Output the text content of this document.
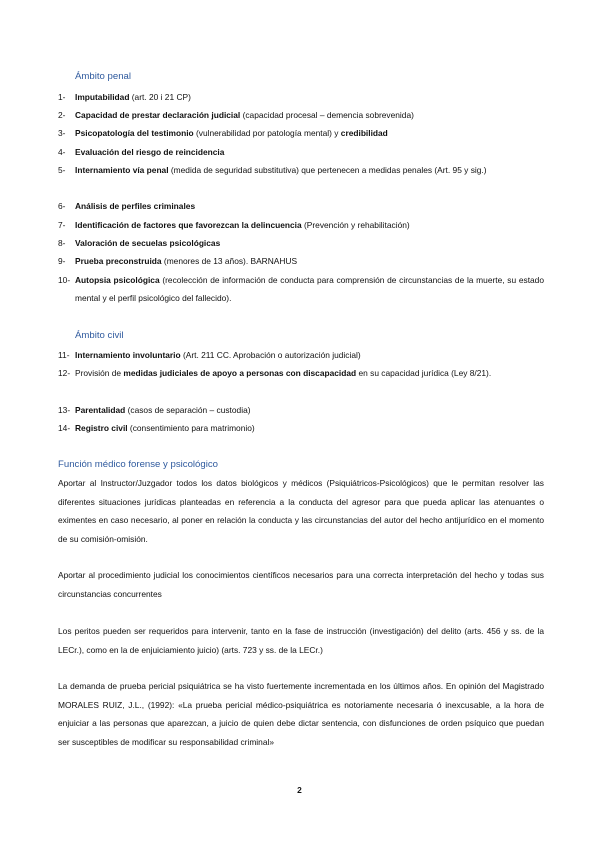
Ámbito penal
1-	Imputabilidad (art. 20 i 21 CP)
2-	Capacidad de prestar declaración judicial (capacidad procesal – demencia sobrevenida)
3-	Psicopatología del testimonio (vulnerabilidad por patología mental) y credibilidad
4-	Evaluación del riesgo de reincidencia
5-	Internamiento vía penal (medida de seguridad substitutiva) que pertenecen a medidas penales (Art. 95 y sig.)
6-	Análisis de perfiles criminales
7-	Identificación de factores que favorezcan la delincuencia (Prevención y rehabilitación)
8-	Valoración de secuelas psicológicas
9-	Prueba preconstruida (menores de 13 años). BARNAHUS
10- Autopsia psicológica (recolección de información de conducta para comprensión de circunstancias de la muerte, su estado mental y el perfil psicológico del fallecido).
Ámbito civil
11- Internamiento involuntario (Art. 211 CC. Aprobación o autorización judicial)
12- Provisión de medidas judiciales de apoyo a personas con discapacidad en su capacidad jurídica (Ley 8/21).
13- Parentalidad (casos de separación – custodia)
14- Registro civil (consentimiento para matrimonio)
Función médico forense y psicológico
Aportar al Instructor/Juzgador todos los datos biológicos y médicos (Psiquiátricos-Psicológicos) que le permitan resolver las diferentes situaciones jurídicas planteadas en referencia a la conducta del agresor para que pueda aplicar las atenuantes o eximentes en caso necesario, al poner en relación la conducta y las circunstancias del autor del hecho antijurídico en el momento de su comisión-omisión.
Aportar al procedimiento judicial los conocimientos científicos necesarios para una correcta interpretación del hecho y todas sus circunstancias concurrentes
Los peritos pueden ser requeridos para intervenir, tanto en la fase de instrucción (investigación) del delito (arts. 456 y ss. de la LECr.), como en la de enjuiciamiento juicio) (arts. 723 y ss. de la LECr.)
La demanda de prueba pericial psiquiátrica se ha visto fuertemente incrementada en los últimos años. En opinión del Magistrado MORALES RUIZ, J.L., (1992): «La prueba pericial médico-psiquiátrica es notoriamente necesaria ó inexcusable, a la hora de enjuiciar a las personas que aparezcan, a juicio de quien debe dictar sentencia, con disfunciones de orden psíquico que puedan ser susceptibles de modificar su responsabilidad criminal»
2
